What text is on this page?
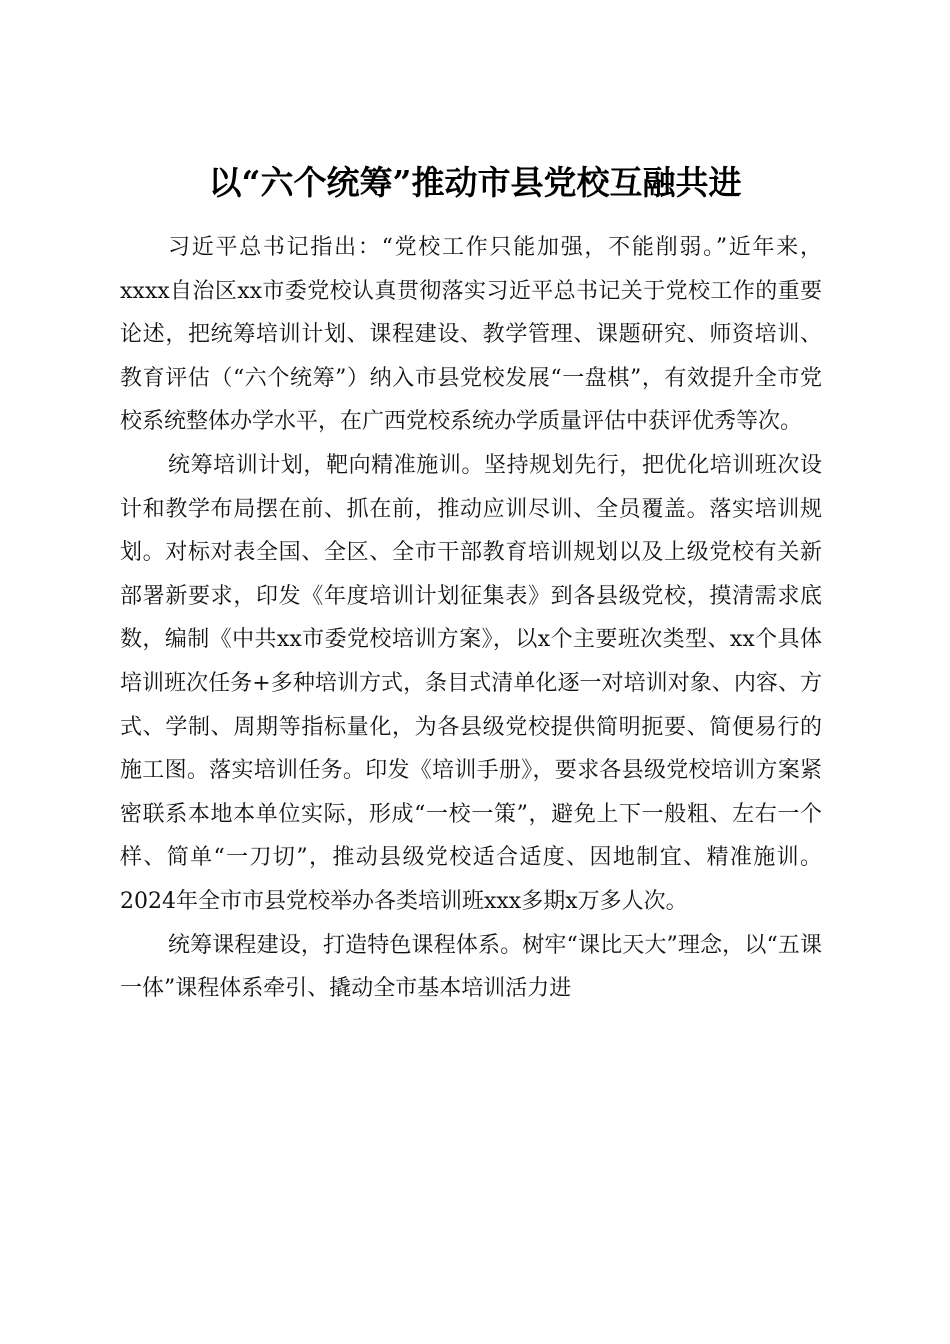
以“六个统筹”推动市县党校互融共进

习近平总书记指出：“党校工作只能加强，不能削弱。”近年来，xxxx自治区xx市委党校认真贯彻落实习近平总书记关于党校工作的重要论述，把统筹培训计划、课程建设、教学管理、课题研究、师资培训、教育评估（“六个统筹”）纳入市县党校发展“一盘棋”，有效提升全市党校系统整体办学水平，在广西党校系统办学质量评估中获评优秀等次。

统筹培训计划，靶向精准施训。坚持规划先行，把优化培训班次设计和教学布局摆在前、抓在前，推动应训尽训、全员覆盖。落实培训规划。对标对表全国、全区、全市干部教育培训规划以及上级党校有关新部署新要求，印发《年度培训计划征集表》到各县级党校，摸清需求底数，编制《中共xx市委党校培训方案》，以x个主要班次类型、xx个具体培训班次任务+多种培训方式，条目式清单化逐一对培训对象、内容、方式、学制、周期等指标量化，为各县级党校提供简明扼要、简便易行的施工图。落实培训任务。印发《培训手册》，要求各县级党校培训方案紧密联系本地本单位实际，形成“一校一策”，避免上下一般粗、左右一个样、简单“一刀切”，推动县级党校适合适度、因地制宜、精准施训。2024年全市市县党校举办各类培训班xxx多期x万多人次。

统筹课程建设，打造特色课程体系。树牢“课比天大”理念，以“五课一体”课程体系牵引、撬动全市基本培训活力进
